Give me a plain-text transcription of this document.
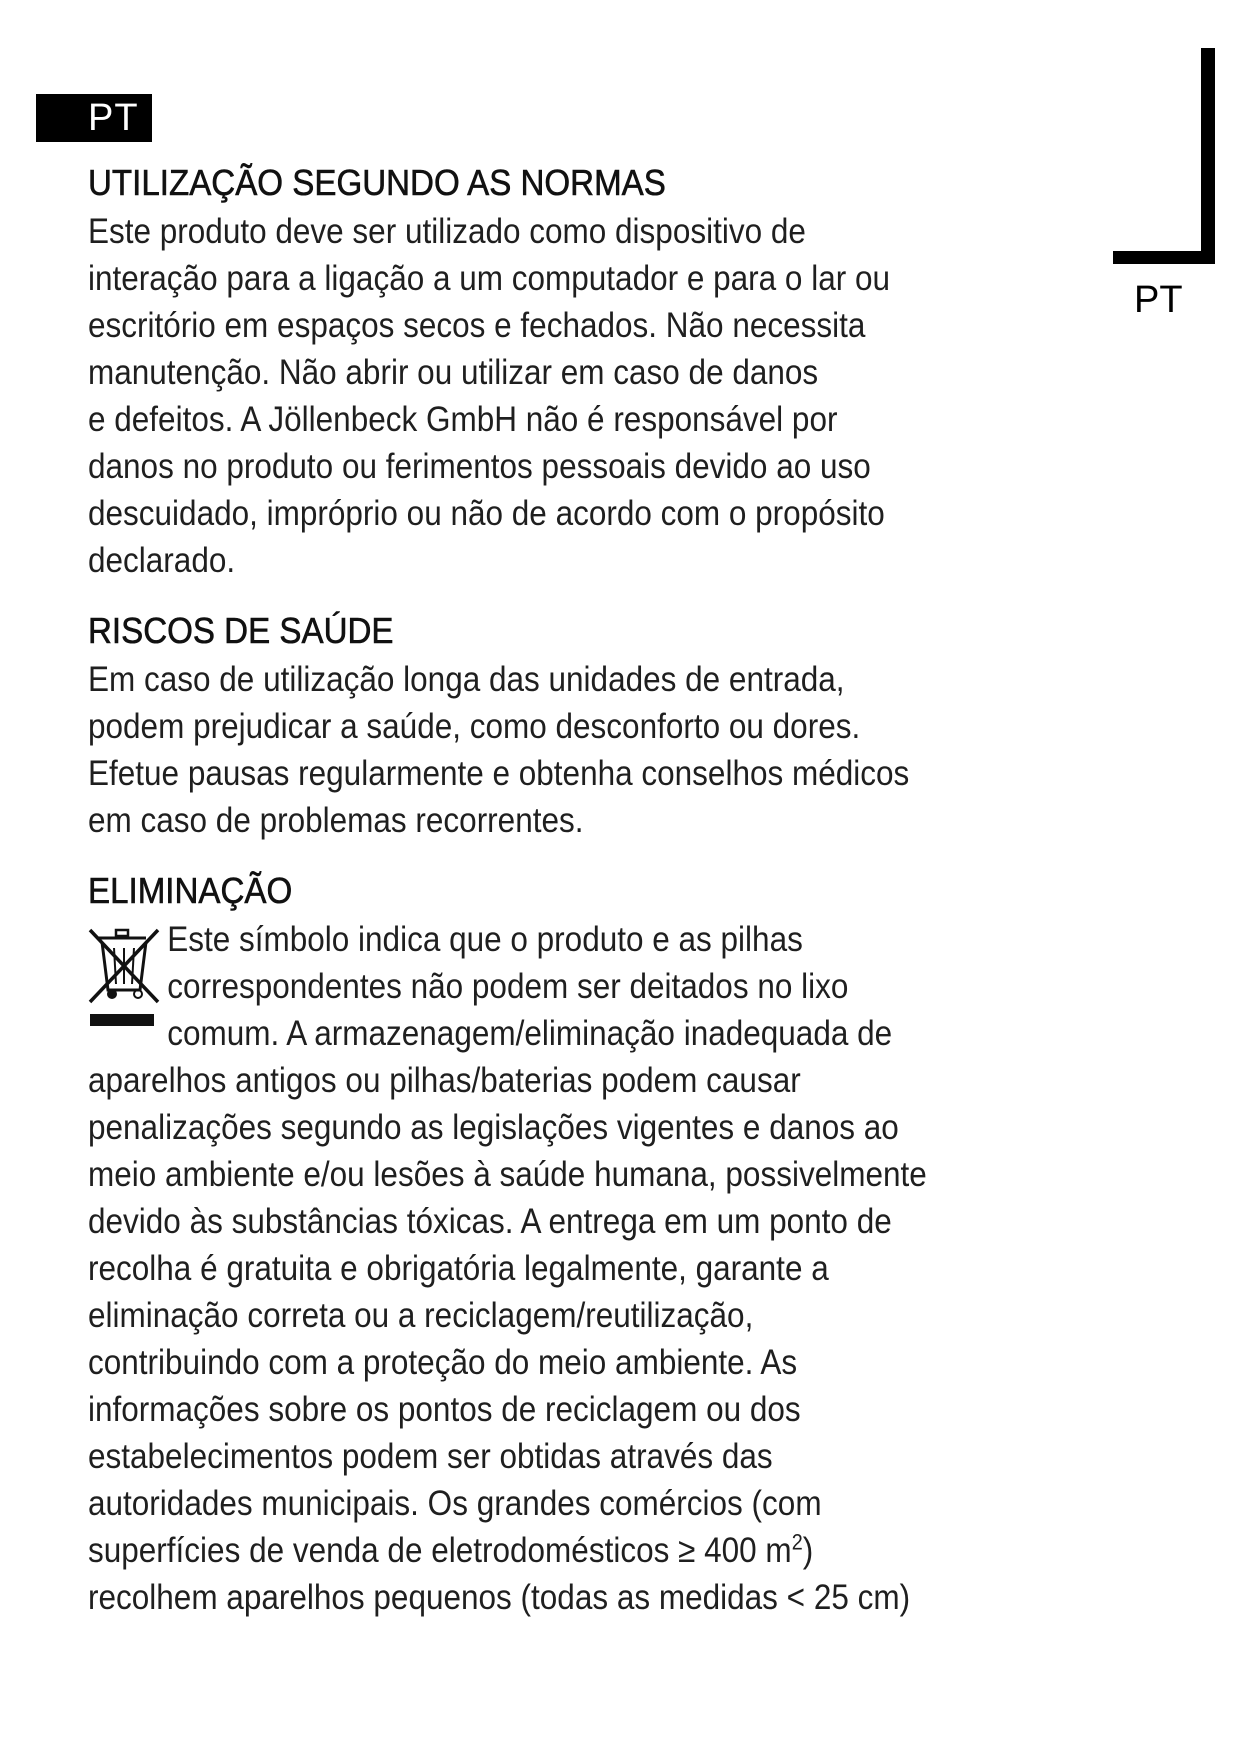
PT
PT
UTILIZAÇÃO SEGUNDO AS NORMAS

Este produto deve ser utilizado como dispositivo de
interação para a ligação a um computador e para o lar ou
escritório em espaços secos e fechados. Não necessita
manutenção. Não abrir ou utilizar em caso de danos
e defeitos. A Jöllenbeck GmbH não é responsável por
danos no produto ou ferimentos pessoais devido ao uso
descuidado, impróprio ou não de acordo com o propósito
declarado.

RISCOS DE SAÚDE

Em caso de utilização longa das unidades de entrada,
podem prejudicar a saúde, como desconforto ou dores.
Efetue pausas regularmente e obtenha conselhos médicos
em caso de problemas recorrentes.

ELIMINAÇÃO

Este símbolo indica que o produto e as pilhas
correspondentes não podem ser deitados no lixo
comum. A armazenagem/eliminação inadequada de

aparelhos antigos ou pilhas/baterias podem causar
penalizações segundo as legislações vigentes e danos ao
meio ambiente e/ou lesões à saúde humana, possivelmente
devido às substâncias tóxicas. A entrega em um ponto de
recolha é gratuita e obrigatória legalmente, garante a
eliminação correta ou a reciclagem/reutilização,
contribuindo com a proteção do meio ambiente. As
informações sobre os pontos de reciclagem ou dos
estabelecimentos podem ser obtidas através das
autoridades municipais. Os grandes comércios (com

superfícies de venda de eletrodomésticos ≥ 400 $m^2$)

recolhem aparelhos pequenos (todas as medidas < 25 cm)
